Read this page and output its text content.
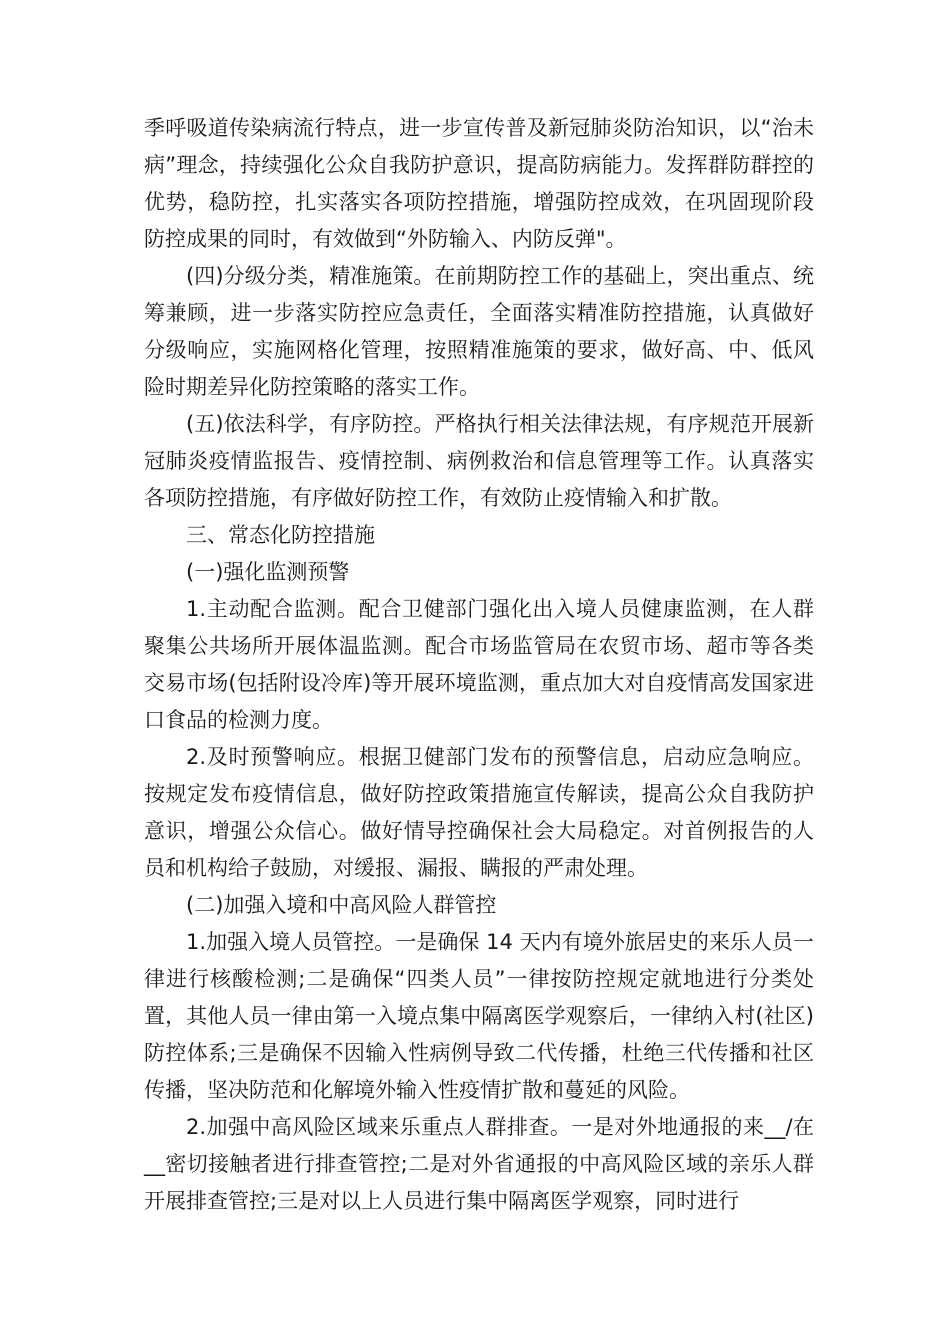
季呼吸道传染病流行特点，进一步宣传普及新冠肺炎防治知识，以“治未病”理念，持续强化公众自我防护意识，提高防病能力。发挥群防群控的优势，稳防控，扎实落实各项防控措施，增强防控成效，在巩固现阶段防控成果的同时，有效做到“外防输入、内防反弹"。

(四)分级分类，精准施策。在前期防控工作的基础上，突出重点、统筹兼顾，进一步落实防控应急责任，全面落实精准防控措施，认真做好分级响应，实施网格化管理，按照精准施策的要求，做好高、中、低风险时期差异化防控策略的落实工作。

(五)依法科学，有序防控。严格执行相关法律法规，有序规范开展新冠肺炎疫情监报告、疫情控制、病例救治和信息管理等工作。认真落实各项防控措施，有序做好防控工作，有效防止疫情输入和扩散。

三、常态化防控措施

(一)强化监测预警

1.主动配合监测。配合卫健部门强化出入境人员健康监测，在人群聚集公共场所开展体温监测。配合市场监管局在农贸市场、超市等各类交易市场(包括附设冷库)等开展环境监测，重点加大对自疫情高发国家进口食品的检测力度。

2.及时预警响应。根据卫健部门发布的预警信息，启动应急响应。按规定发布疫情信息，做好防控政策措施宣传解读，提高公众自我防护意识，增强公众信心。做好情导控确保社会大局稳定。对首例报告的人员和机构给子鼓励，对缓报、漏报、瞒报的严肃处理。

(二)加强入境和中高风险人群管控

1.加强入境人员管控。一是确保 14 天内有境外旅居史的来乐人员一律进行核酸检测;二是确保“四类人员”一律按防控规定就地进行分类处置，其他人员一律由第一入境点集中隔离医学观察后，一律纳入村(社区)防控体系;三是确保不因输入性病例导致二代传播，杜绝三代传播和社区传播，坚决防范和化解境外输入性疫情扩散和蔓延的风险。

2.加强中高风险区域来乐重点人群排查。一是对外地通报的来__/在__密切接触者进行排查管控;二是对外省通报的中高风险区域的亲乐人群开展排查管控;三是对以上人员进行集中隔离医学观察，同时进行
